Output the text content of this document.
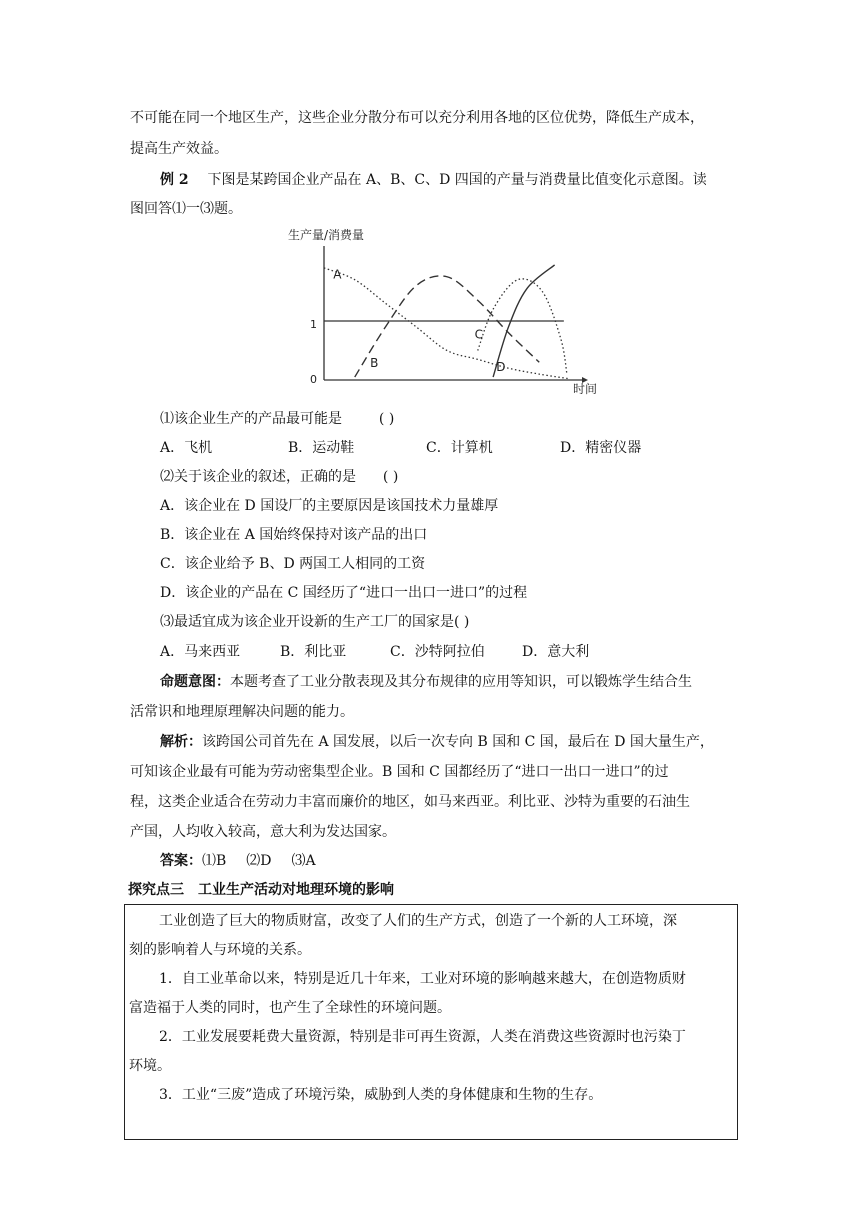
不可能在同一个地区生产，这些企业分散分布可以充分利用各地的区位优势，降低生产成本，
提高生产效益。
例 2 下图是某跨国企业产品在 A、B、C、D 四国的产量与消费量比值变化示意图。读
图回答⑴一⑶题。
生产量/消费量
时间
1
0
A
B
C
D
⑴该企业生产的产品最可能是	( )
A．飞机	B．运动鞋	C．计算机	D．精密仪器
⑵关于该企业的叙述，正确的是 ( )
A．该企业在 D 国设厂的主要原因是该国技术力量雄厚
B．该企业在 A 国始终保持对该产品的出口
C．该企业给予 B、D 两国工人相同的工资
D．该企业的产品在 C 国经历了“进口一出口一进口”的过程
⑶最适宜成为该企业开设新的生产工厂的国家是( )
A．马来西亚	B．利比亚	C．沙特阿拉伯	D．意大利
命题意图：本题考查了工业分散表现及其分布规律的应用等知识，可以锻炼学生结合生
活常识和地理原理解决问题的能力。
解析：该跨国公司首先在 A 国发展，以后一次专向 B 国和 C 国，最后在 D 国大量生产，
可知该企业最有可能为劳动密集型企业。B 国和 C 国都经历了“进口一出口一进口”的过
程，这类企业适合在劳动力丰富而廉价的地区，如马来西亚。利比亚、沙特为重要的石油生
产国，人均收入较高，意大利为发达国家。
答案：⑴B ⑵D ⑶A
探究点三　工业生产活动对地理环境的影响
工业创造了巨大的物质财富，改变了人们的生产方式，创造了一个新的人工环境，深
刻的影响着人与环境的关系。
1．自工业革命以来，特别是近几十年来，工业对环境的影响越来越大，在创造物质财
富造福于人类的同时，也产生了全球性的环境问题。
2．工业发展要耗费大量资源，特别是非可再生资源，人类在消费这些资源时也污染丁
环境。
3．工业“三废”造成了环境污染，威胁到人类的身体健康和生物的生存。
